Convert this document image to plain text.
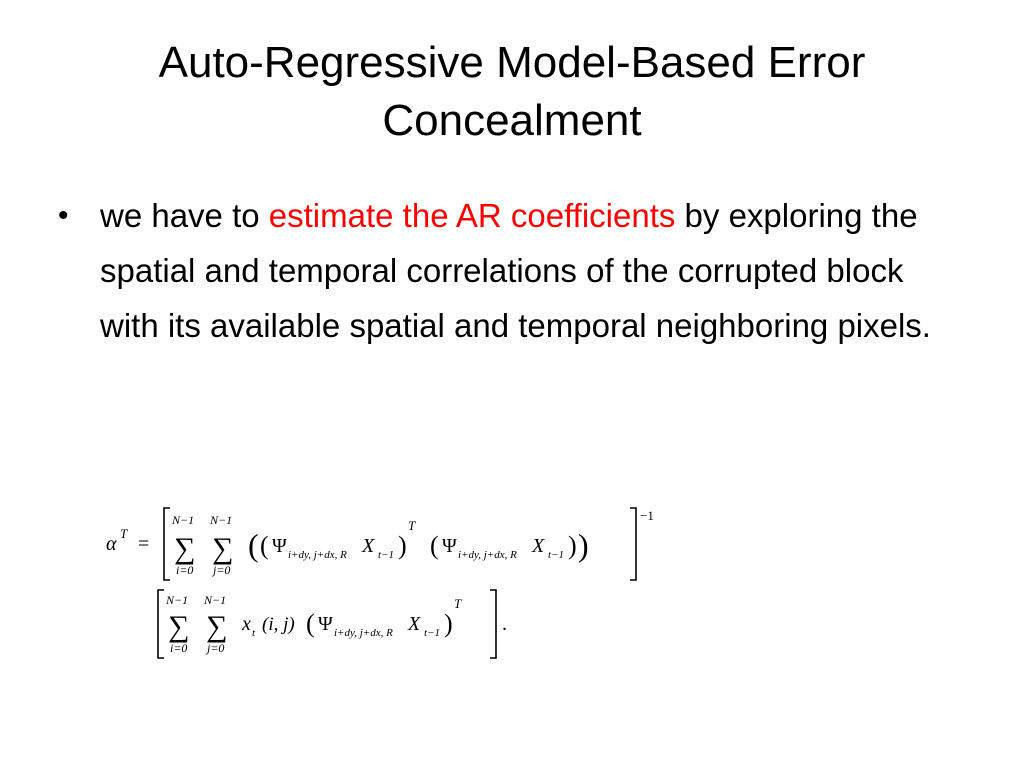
Auto-Regressive Model-Based Error Concealment
• we have to estimate the AR coefficients by exploring the spatial and temporal correlations of the corrupted block with its available spatial and temporal neighboring pixels.
α T =
N−1
∑
i=0
N−1
∑
j=0
( ( Ψ i+dy, j+dx, R X t−1 )
T
( Ψ i+dy, j+dx, R X t−1 ) )
−1
N−1
∑
i=0
N−1
∑
j=0
x t (i, j) ( Ψ i+dy, j+dx, R X t−1 )
T
.
